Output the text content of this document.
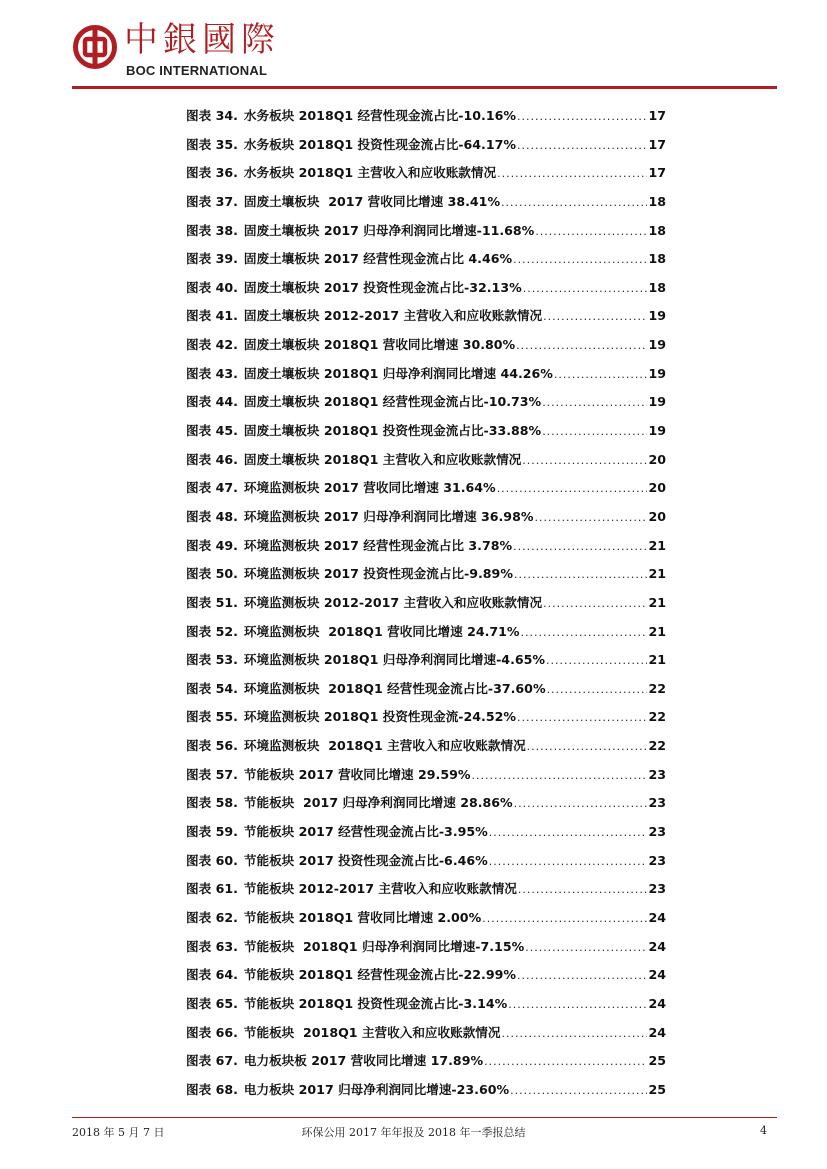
中銀國際
BOC INTERNATIONAL
图表 34. 水务板块 2018Q1 经营性现金流占比-10.16% .....	17
图表 35. 水务板块 2018Q1 投资性现金流占比-64.17% .....	17
图表 36. 水务板块 2018Q1 主营收入和应收账款情况 .....	17
图表 37. 固废土壤板块  2017 营收同比增速 38.41% .....	18
图表 38. 固废土壤板块 2017 归母净利润同比增速-11.68% .....	18
图表 39. 固废土壤板块 2017 经营性现金流占比 4.46% .....	18
图表 40. 固废土壤板块 2017 投资性现金流占比-32.13% .....	18
图表 41. 固废土壤板块 2012-2017 主营收入和应收账款情况 .....	19
图表 42. 固废土壤板块 2018Q1 营收同比增速 30.80% .....	19
图表 43. 固废土壤板块 2018Q1 归母净利润同比增速 44.26% .....	19
图表 44. 固废土壤板块 2018Q1 经营性现金流占比-10.73% .....	19
图表 45. 固废土壤板块 2018Q1 投资性现金流占比-33.88% .....	19
图表 46. 固废土壤板块 2018Q1 主营收入和应收账款情况 .....	20
图表 47. 环境监测板块 2017 营收同比增速 31.64% .....	20
图表 48. 环境监测板块 2017 归母净利润同比增速 36.98% .....	20
图表 49. 环境监测板块 2017 经营性现金流占比 3.78% .....	21
图表 50. 环境监测板块 2017 投资性现金流占比-9.89% .....	21
图表 51. 环境监测板块 2012-2017 主营收入和应收账款情况 .....	21
图表 52. 环境监测板块  2018Q1 营收同比增速 24.71% .....	21
图表 53. 环境监测板块 2018Q1 归母净利润同比增速-4.65% .....	21
图表 54. 环境监测板块  2018Q1 经营性现金流占比-37.60% .....	22
图表 55. 环境监测板块 2018Q1 投资性现金流-24.52% .....	22
图表 56. 环境监测板块  2018Q1 主营收入和应收账款情况 .....	22
图表 57. 节能板块 2017 营收同比增速 29.59% .....	23
图表 58. 节能板块  2017 归母净利润同比增速 28.86% .....	23
图表 59. 节能板块 2017 经营性现金流占比-3.95% .....	23
图表 60. 节能板块 2017 投资性现金流占比-6.46% .....	23
图表 61. 节能板块 2012-2017 主营收入和应收账款情况 .....	23
图表 62. 节能板块 2018Q1 营收同比增速 2.00% .....	24
图表 63. 节能板块  2018Q1 归母净利润同比增速-7.15% .....	24
图表 64. 节能板块 2018Q1 经营性现金流占比-22.99% .....	24
图表 65. 节能板块 2018Q1 投资性现金流占比-3.14% .....	24
图表 66. 节能板块  2018Q1 主营收入和应收账款情况 .....	24
图表 67. 电力板块板 2017 营收同比增速 17.89% .....	25
图表 68. 电力板块 2017 归母净利润同比增速-23.60% .....	25
2018 年 5 月 7 日	环保公用 2017 年年报及 2018 年一季报总结	4
